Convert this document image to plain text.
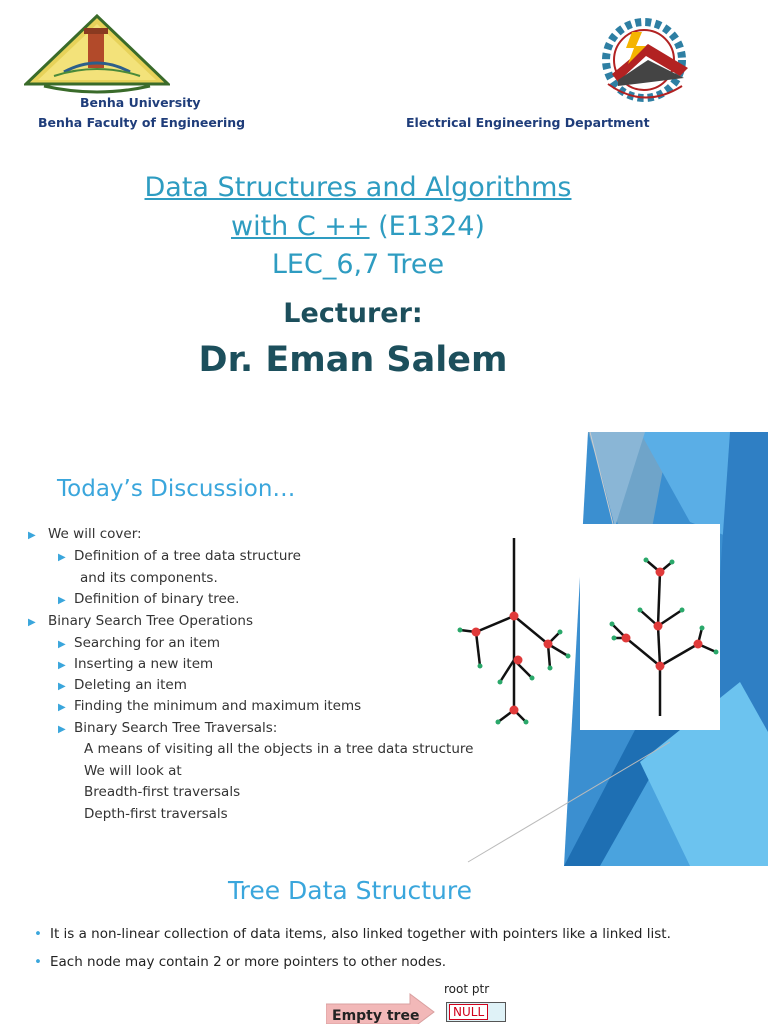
Benha University
Benha Faculty of Engineering	Electrical Engineering Department
Data Structures and Algorithms
with C ++ (E1324)
LEC_6,7 Tree
Lecturer:
Dr. Eman Salem
Today’s Discussion…
▶ We will cover:
▶ Definition of a tree data structure
and its components.
▶ Definition of binary tree.
▶ Binary Search Tree Operations
▶ Searching for an item
▶ Inserting a new item
▶ Deleting an item
▶ Finding the minimum and maximum items
▶ Binary Search Tree Traversals:
A means of visiting all the objects in a tree data structure
We will look at
Breadth-first traversals
Depth-first traversals
Tree Data Structure
• It is a non-linear collection of data items, also linked together with pointers like a linked list.
• Each node may contain 2 or more pointers to other nodes.
root ptr
Empty tree	NULL
